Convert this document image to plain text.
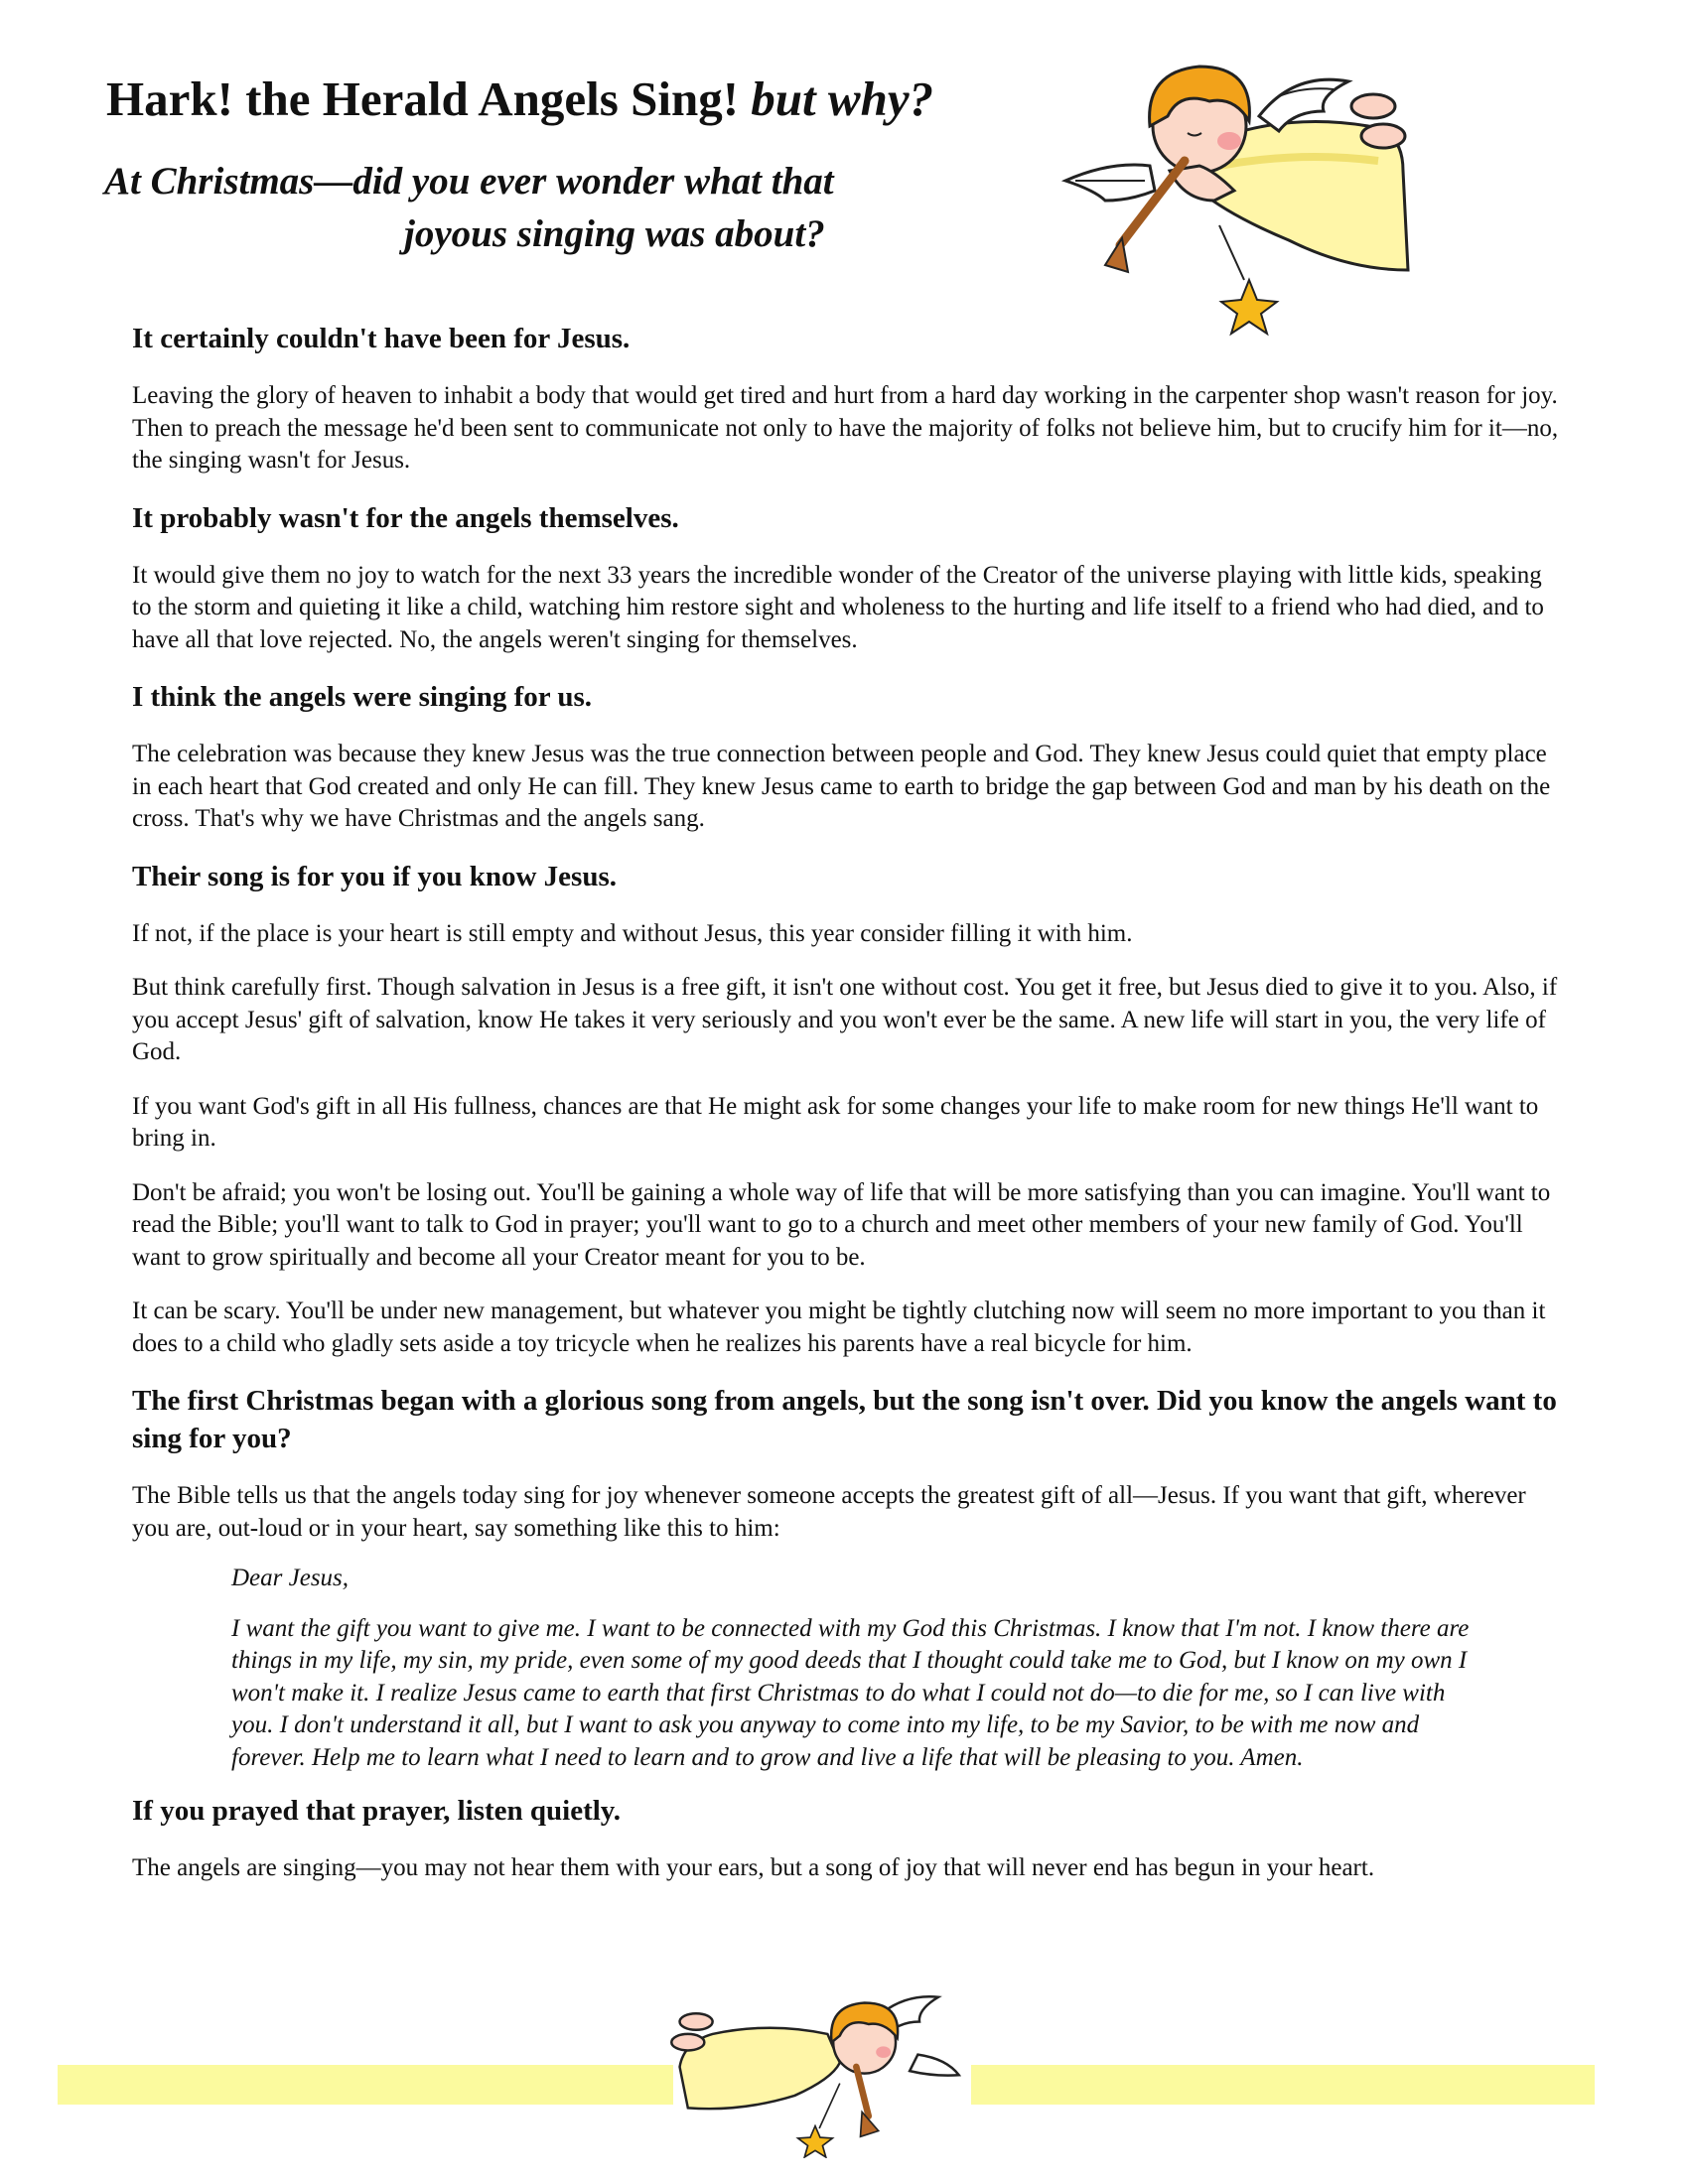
Hark! the Herald Angels Sing! but why?
At Christmas—did you ever wonder what that
joyous singing was about?
It certainly couldn't have been for Jesus.

Leaving the glory of heaven to inhabit a body that would get tired and hurt from a hard day working in the carpenter shop wasn't reason for joy. Then to preach the message he'd been sent to communicate not only to have the majority of folks not believe him, but to crucify him for it—no, the singing wasn't for Jesus.

It probably wasn't for the angels themselves.

It would give them no joy to watch for the next 33 years the incredible wonder of the Creator of the universe playing with little kids, speaking to the storm and quieting it like a child, watching him restore sight and wholeness to the hurting and life itself to a friend who had died, and to have all that love rejected. No, the angels weren't singing for themselves.

I think the angels were singing for us.

The celebration was because they knew Jesus was the true connection between people and God. They knew Jesus could quiet that empty place in each heart that God created and only He can fill. They knew Jesus came to earth to bridge the gap between God and man by his death on the cross. That's why we have Christmas and the angels sang.

Their song is for you if you know Jesus.

If not, if the place is your heart is still empty and without Jesus, this year consider filling it with him.

But think carefully first. Though salvation in Jesus is a free gift, it isn't one without cost. You get it free, but Jesus died to give it to you. Also, if you accept Jesus' gift of salvation, know He takes it very seriously and you won't ever be the same. A new life will start in you, the very life of God.

If you want God's gift in all His fullness, chances are that He might ask for some changes your life to make room for new things He'll want to bring in.

Don't be afraid; you won't be losing out. You'll be gaining a whole way of life that will be more satisfying than you can imagine. You'll want to read the Bible; you'll want to talk to God in prayer; you'll want to go to a church and meet other members of your new family of God. You'll want to grow spiritually and become all your Creator meant for you to be.

It can be scary. You'll be under new management, but whatever you might be tightly clutching now will seem no more important to you than it does to a child who gladly sets aside a toy tricycle when he realizes his parents have a real bicycle for him.

The first Christmas began with a glorious song from angels, but the song isn't over. Did you know the angels want to sing for you?

The Bible tells us that the angels today sing for joy whenever someone accepts the greatest gift of all—Jesus. If you want that gift, wherever you are, out-loud or in your heart, say something like this to him:

Dear Jesus,

I want the gift you want to give me. I want to be connected with my God this Christmas. I know that I'm not. I know there are things in my life, my sin, my pride, even some of my good deeds that I thought could take me to God, but I know on my own I won't make it. I realize Jesus came to earth that first Christmas to do what I could not do—to die for me, so I can live with you. I don't understand it all, but I want to ask you anyway to come into my life, to be my Savior, to be with me now and forever. Help me to learn what I need to learn and to grow and live a life that will be pleasing to you. Amen.

If you prayed that prayer, listen quietly.

The angels are singing—you may not hear them with your ears, but a song of joy that will never end has begun in your heart.
